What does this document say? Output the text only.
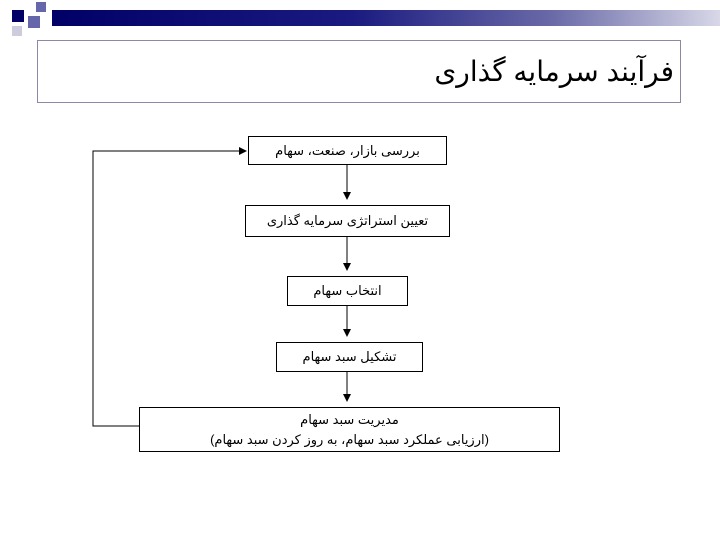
فرآیند سرمایه گذاری
بررسی بازار، صنعت، سهام
تعیین استراتژی سرمایه گذاری
انتخاب سهام
تشکیل سبد سهام
مدیریت سبد سهام
(ارزیابی عملکرد سبد سهام، به روز کردن سبد سهام)
